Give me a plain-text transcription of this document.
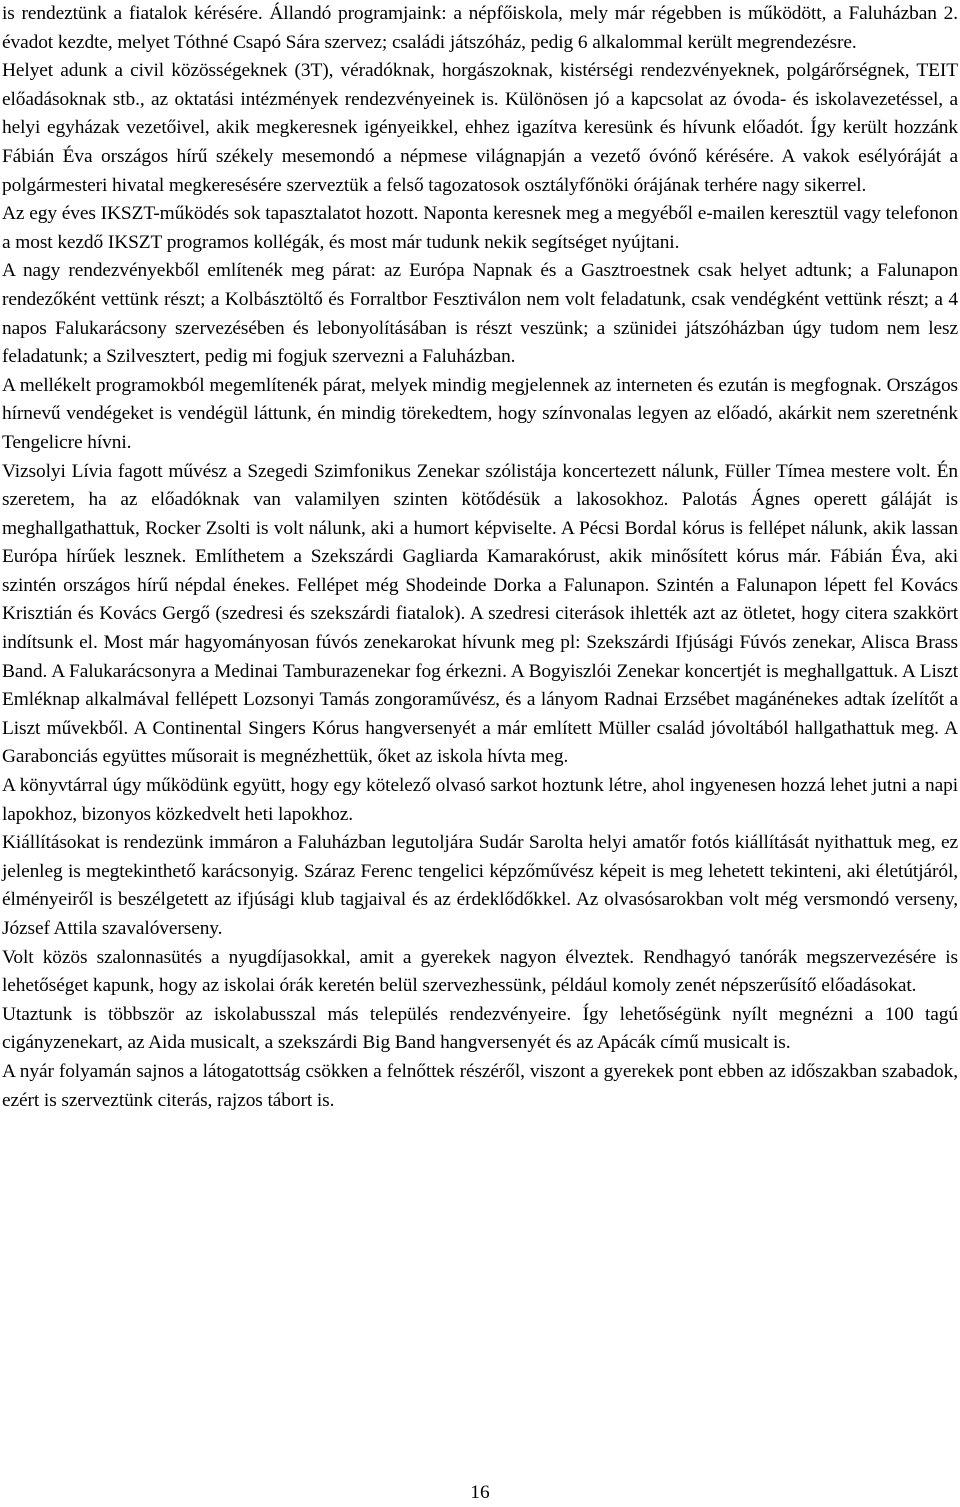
is rendeztünk a fiatalok kérésére. Állandó programjaink: a népfőiskola, mely már régebben is működött, a Faluházban 2. évadot kezdte, melyet Tóthné Csapó Sára szervez; családi játszóház, pedig 6 alkalommal került megrendezésre.

Helyet adunk a civil közösségeknek (3T), véradóknak, horgászoknak, kistérségi rendezvényeknek, polgárőrségnek, TEIT előadásoknak stb., az oktatási intézmények rendezvényeinek is. Különösen jó a kapcsolat az óvoda- és iskolavezetéssel, a helyi egyházak vezetőivel, akik megkeresnek igényeikkel, ehhez igazítva keresünk és hívunk előadót. Így került hozzánk Fábián Éva országos hírű székely mesemondó a népmese világnapján a vezető óvónő kérésére. A vakok esélyóráját a polgármesteri hivatal megkeresésére szerveztük a felső tagozatosok osztályfőnöki órájának terhére nagy sikerrel.

Az egy éves IKSZT-működés sok tapasztalatot hozott. Naponta keresnek meg a megyéből e-mailen keresztül vagy telefonon a most kezdő IKSZT programos kollégák, és most már tudunk nekik segítséget nyújtani.

A nagy rendezvényekből említenék meg párat: az Európa Napnak és a Gasztroestnek csak helyet adtunk; a Falunapon rendezőként vettünk részt; a Kolbásztöltő és Forraltbor Fesztiválon nem volt feladatunk, csak vendégként vettünk részt; a 4 napos Falukarácsony szervezésében és lebonyolításában is részt veszünk; a szünidei játszóházban úgy tudom nem lesz feladatunk; a Szilvesztert, pedig mi fogjuk szervezni a Faluházban.

A mellékelt programokból megemlítenék párat, melyek mindig megjelennek az interneten és ezután is megfognak. Országos hírnevű vendégeket is vendégül láttunk, én mindig törekedtem, hogy színvonalas legyen az előadó, akárkit nem szeretnénk Tengelicre hívni.

Vizsolyi Lívia fagott művész a Szegedi Szimfonikus Zenekar szólistája koncertezett nálunk, Füller Tímea mestere volt. Én szeretem, ha az előadóknak van valamilyen szinten kötődésük a lakosokhoz. Palotás Ágnes operett gáláját is meghallgathattuk, Rocker Zsolti is volt nálunk, aki a humort képviselte. A Pécsi Bordal kórus is fellépet nálunk, akik lassan Európa hírűek lesznek. Említhetem a Szekszárdi Gagliarda Kamarakórust, akik minősített kórus már. Fábián Éva, aki szintén országos hírű népdal énekes. Fellépet még Shodeinde Dorka a Falunapon. Szintén a Falunapon lépett fel Kovács Krisztián és Kovács Gergő (szedresi és szekszárdi fiatalok). A szedresi citerások ihlették azt az ötletet, hogy citera szakkört indítsunk el. Most már hagyományosan fúvós zenekarokat hívunk meg pl: Szekszárdi Ifjúsági Fúvós zenekar, Alisca Brass Band. A Falukarácsonyra a Medinai Tamburazenekar fog érkezni. A Bogyiszlói Zenekar koncertjét is meghallgattuk. A Liszt Emléknap alkalmával fellépett Lozsonyi Tamás zongoraművész, és a lányom Radnai Erzsébet magánénekes adtak ízelítőt a Liszt művekből. A Continental Singers Kórus hangversenyét a már említett Müller család jóvoltából hallgathattuk meg. A Garabonciás együttes műsorait is megnézhettük, őket az iskola hívta meg.

A könyvtárral úgy működünk együtt, hogy egy kötelező olvasó sarkot hoztunk létre, ahol ingyenesen hozzá lehet jutni a napi lapokhoz, bizonyos közkedvelt heti lapokhoz.

Kiállításokat is rendezünk immáron a Faluházban legutoljára Sudár Sarolta helyi amatőr fotós kiállítását nyithattuk meg, ez jelenleg is megtekinthető karácsonyig. Száraz Ferenc tengelici képzőművész képeit is meg lehetett tekinteni, aki életútjáról, élményeiről is beszélgetett az ifjúsági klub tagjaival és az érdeklődőkkel. Az olvasósarokban volt még versmondó verseny, József Attila szavalóverseny.

Volt közös szalonnasütés a nyugdíjasokkal, amit a gyerekek nagyon élveztek. Rendhagyó tanórák megszervezésére is lehetőséget kapunk, hogy az iskolai órák keretén belül szervezhessünk, például komoly zenét népszerűsítő előadásokat.

Utaztunk is többször az iskolabusszal más település rendezvényeire. Így lehetőségünk nyílt megnézni a 100 tagú cigányzenekart, az Aida musicalt, a szekszárdi Big Band hangversenyét és az Apácák című musicalt is.

A nyár folyamán sajnos a látogatottság csökken a felnőttek részéről, viszont a gyerekek pont ebben az időszakban szabadok, ezért is szerveztünk citerás, rajzos tábort is.

16
